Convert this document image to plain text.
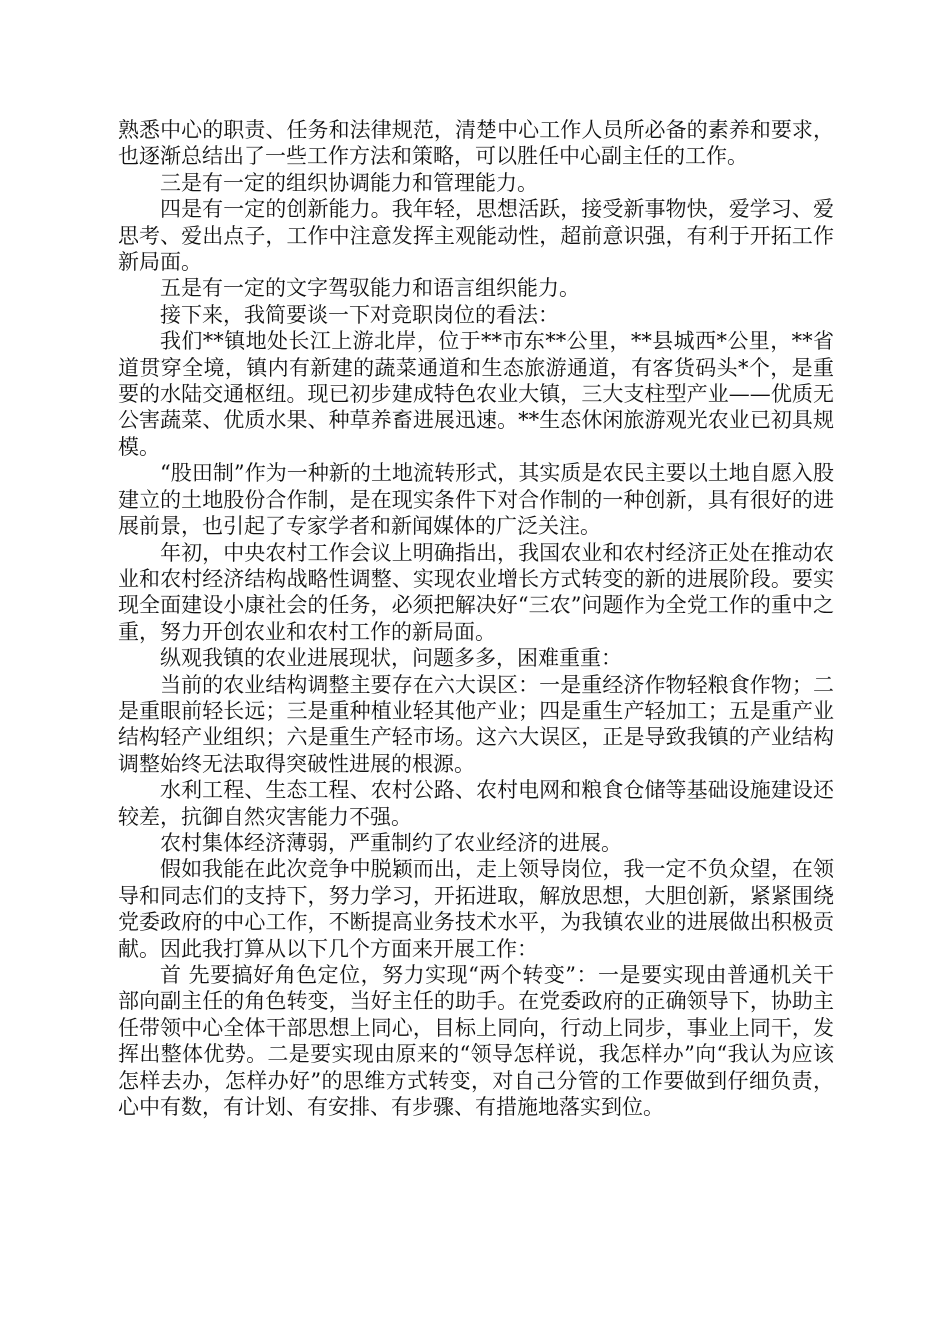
熟悉中心的职责、任务和法律规范，清楚中心工作人员所必备的素养和要求，也逐渐总结出了一些工作方法和策略，可以胜任中心副主任的工作。

三是有一定的组织协调能力和管理能力。

四是有一定的创新能力。我年轻，思想活跃，接受新事物快，爱学习、爱思考、爱出点子，工作中注意发挥主观能动性，超前意识强，有利于开拓工作新局面。

五是有一定的文字驾驭能力和语言组织能力。

接下来，我简要谈一下对竞职岗位的看法：

我们**镇地处长江上游北岸，位于**市东**公里，**县城西*公里，**省道贯穿全境，镇内有新建的蔬菜通道和生态旅游通道，有客货码头*个，是重要的水陆交通枢纽。现已初步建成特色农业大镇，三大支柱型产业——优质无公害蔬菜、优质水果、种草养畜进展迅速。**生态休闲旅游观光农业已初具规模。

“股田制”作为一种新的土地流转形式，其实质是农民主要以土地自愿入股建立的土地股份合作制，是在现实条件下对合作制的一种创新，具有很好的进展前景，也引起了专家学者和新闻媒体的广泛关注。

年初，中央农村工作会议上明确指出，我国农业和农村经济正处在推动农业和农村经济结构战略性调整、实现农业增长方式转变的新的进展阶段。要实现全面建设小康社会的任务，必须把解决好“三农”问题作为全党工作的重中之重，努力开创农业和农村工作的新局面。

纵观我镇的农业进展现状，问题多多，困难重重：

当前的农业结构调整主要存在六大误区：一是重经济作物轻粮食作物；二是重眼前轻长远；三是重种植业轻其他产业；四是重生产轻加工；五是重产业结构轻产业组织；六是重生产轻市场。这六大误区，正是导致我镇的产业结构调整始终无法取得突破性进展的根源。

水利工程、生态工程、农村公路、农村电网和粮食仓储等基础设施建设还较差，抗御自然灾害能力不强。

农村集体经济薄弱，严重制约了农业经济的进展。

假如我能在此次竞争中脱颖而出，走上领导岗位，我一定不负众望，在领导和同志们的支持下，努力学习，开拓进取，解放思想，大胆创新，紧紧围绕党委政府的中心工作，不断提高业务技术水平，为我镇农业的进展做出积极贡献。因此我打算从以下几个方面来开展工作：

首 先要搞好角色定位，努力实现“两个转变”：一是要实现由普通机关干部向副主任的角色转变，当好主任的助手。在党委政府的正确领导下，协助主任带领中心全体干部思想上同心，目标上同向，行动上同步，事业上同干，发挥出整体优势。二是要实现由原来的“领导怎样说，我怎样办”向“我认为应该怎样去办，怎样办好”的思维方式转变，对自己分管的工作要做到仔细负责，心中有数，有计划、有安排、有步骤、有措施地落实到位。
